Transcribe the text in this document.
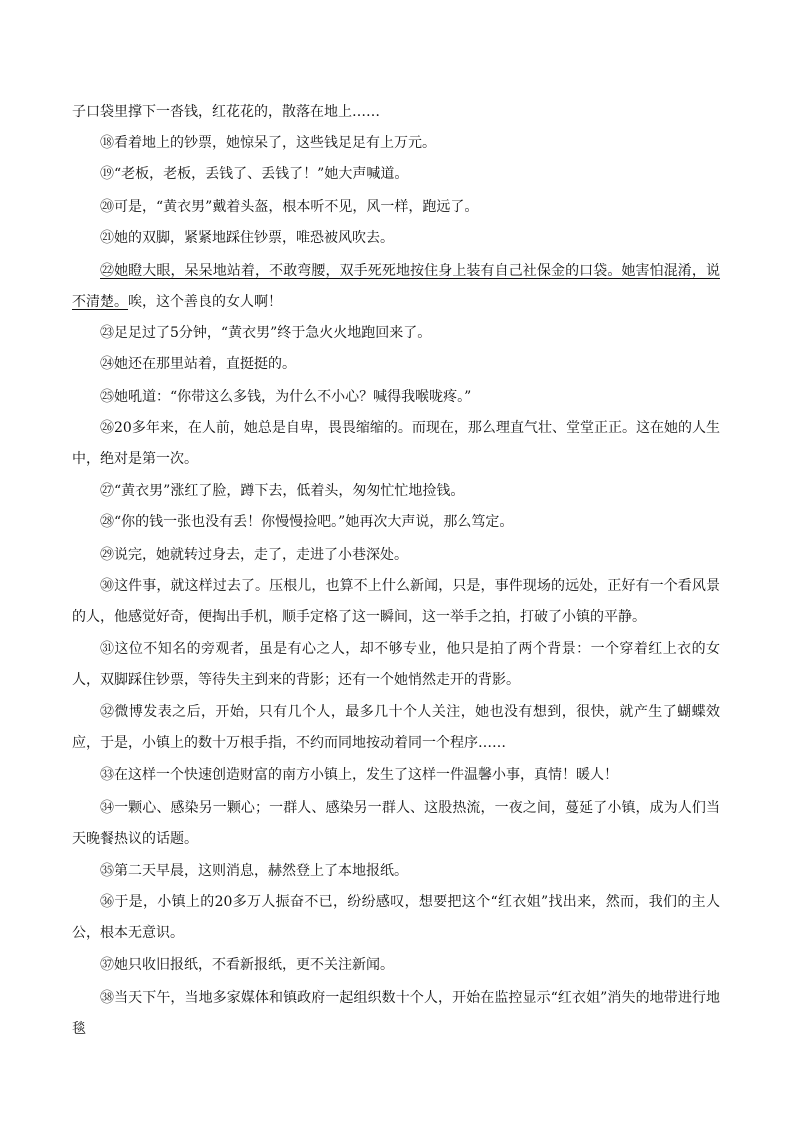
子口袋里撑下一沓钱，红花花的，散落在地上……

⑱看着地上的钞票，她惊呆了，这些钱足足有上万元。

⑲“老板，老板，丢钱了、丢钱了！”她大声喊道。

⑳可是，“黄衣男”戴着头盔，根本听不见，风一样，跑远了。

㉑她的双脚，紧紧地踩住钞票，唯恐被风吹去。

㉒她瞪大眼，呆呆地站着，不敢弯腰，双手死死地按住身上装有自己社保金的口袋。她害怕混淆，说不清楚。唉，这个善良的女人啊！

㉓足足过了5分钟，“黄衣男”终于急火火地跑回来了。

㉔她还在那里站着，直挺挺的。

㉕她吼道：“你带这么多钱，为什么不小心？喊得我喉咙疼。”

㉖20多年来，在人前，她总是自卑，畏畏缩缩的。而现在，那么理直气壮、堂堂正正。这在她的人生中，绝对是第一次。

㉗“黄衣男”涨红了脸，蹲下去，低着头，匆匆忙忙地捡钱。

㉘“你的钱一张也没有丢！你慢慢捡吧。”她再次大声说，那么笃定。

㉙说完，她就转过身去，走了，走进了小巷深处。

㉚这件事，就这样过去了。压根儿，也算不上什么新闻，只是，事件现场的远处，正好有一个看风景的人，他感觉好奇，便掏出手机，顺手定格了这一瞬间，这一举手之拍，打破了小镇的平静。

㉛这位不知名的旁观者，虽是有心之人，却不够专业，他只是拍了两个背景：一个穿着红上衣的女人，双脚踩住钞票，等待失主到来的背影；还有一个她悄然走开的背影。

㉜微博发表之后，开始，只有几个人，最多几十个人关注，她也没有想到，很快，就产生了蝴蝶效应，于是，小镇上的数十万根手指，不约而同地按动着同一个程序……

㉝在这样一个快速创造财富的南方小镇上，发生了这样一件温馨小事，真情！暖人！

㉞一颗心、感染另一颗心；一群人、感染另一群人、这股热流，一夜之间，蔓延了小镇，成为人们当天晚餐热议的话题。

㉟第二天早晨，这则消息，赫然登上了本地报纸。

㊱于是，小镇上的20多万人振奋不已，纷纷感叹，想要把这个“红衣姐”找出来，然而，我们的主人公，根本无意识。

㊲她只收旧报纸，不看新报纸，更不关注新闻。

㊳当天下午，当地多家媒体和镇政府一起组织数十个人，开始在监控显示“红衣姐”消失的地带进行地毯
